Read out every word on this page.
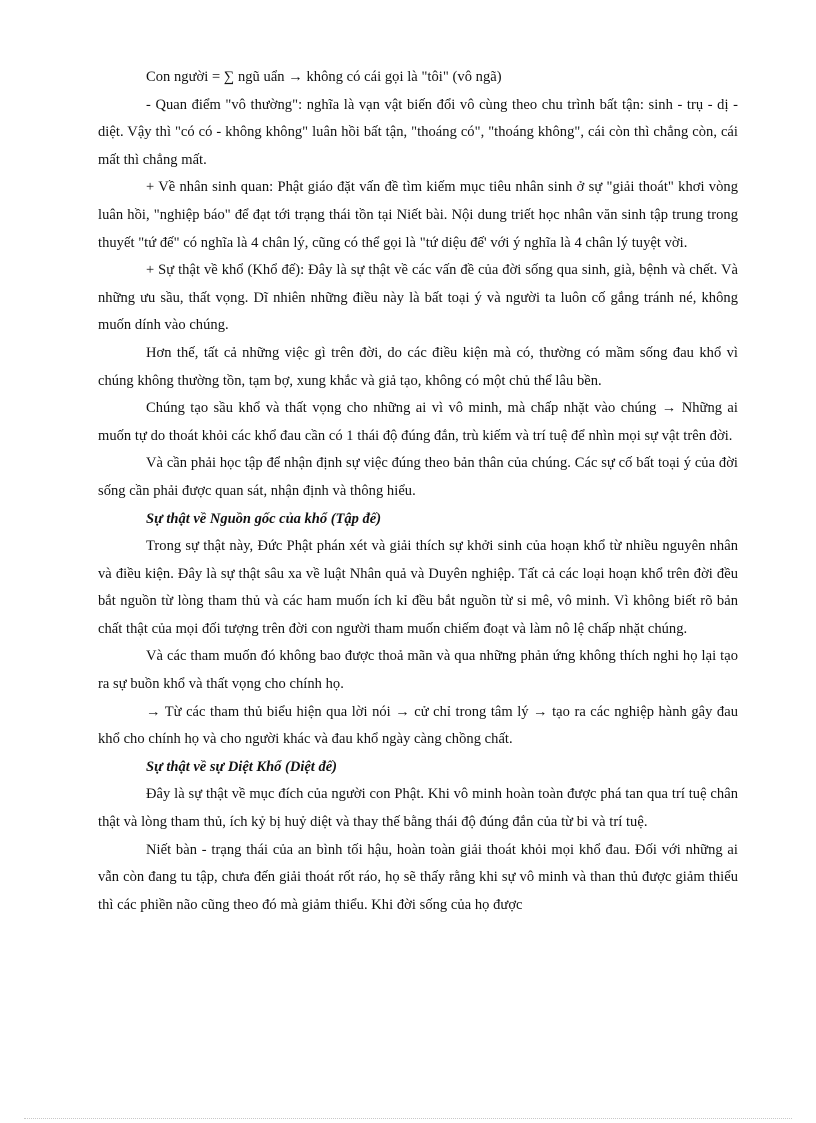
Con người = ∑ ngũ uẩn → không có cái gọi là "tôi" (vô ngã)

- Quan điểm "vô thường": nghĩa là vạn vật biến đổi vô cùng theo chu trình bất tận: sinh - trụ - dị - diệt. Vậy thì "có có - không không" luân hồi bất tận, "thoáng có", "thoáng không", cái còn thì chẳng còn, cái mất thì chẳng mất.

+ Về nhân sinh quan: Phật giáo đặt vấn đề tìm kiếm mục tiêu nhân sinh ở sự "giải thoát" khơi vòng luân hồi, "nghiệp báo" để đạt tới trạng thái tồn tại Niết bài. Nội dung triết học nhân văn sinh tập trung trong thuyết "tứ đế" có nghĩa là 4 chân lý, cũng có thể gọi là "tứ diệu đế' với ý nghĩa là 4 chân lý tuyệt vời.

+ Sự thật về khổ (Khổ đế): Đây là sự thật về các vấn đề của đời sống qua sinh, già, bệnh và chết. Và những ưu sầu, thất vọng. Dĩ nhiên những điều này là bất toại ý và người ta luôn cố gắng tránh né, không muốn dính vào chúng.

Hơn thế, tất cả những việc gì trên đời, do các điều kiện mà có, thường có mầm sống đau khổ vì chúng không thường tồn, tạm bợ, xung khắc và giả tạo, không có một chủ thể lâu bền.

Chúng tạo sầu khổ và thất vọng cho những ai vì vô minh, mà chấp nhặt vào chúng → Những ai muốn tự do thoát khỏi các khổ đau cần có 1 thái độ đúng đắn, trù kiếm và trí tuệ để nhìn mọi sự vật trên đời.

Và cần phải học tập để nhận định sự việc đúng theo bản thân của chúng. Các sự cố bất toại ý của đời sống cần phải được quan sát, nhận định và thông hiểu.

Sự thật về Nguồn gốc của khổ (Tập đế)

Trong sự thật này, Đức Phật phán xét và giải thích sự khởi sinh của hoạn khổ từ nhiều nguyên nhân và điều kiện. Đây là sự thật sâu xa về luật Nhân quả và Duyên nghiệp. Tất cả các loại hoạn khổ trên đời đều bắt nguồn từ lòng tham thủ và các ham muốn ích kỉ đều bắt nguồn từ si mê, vô minh. Vì không biết rõ bản chất thật của mọi đối tượng trên đời con người tham muốn chiếm đoạt và làm nô lệ chấp nhặt chúng.

Và các tham muốn đó không bao được thoả mãn và qua những phản ứng không thích nghi họ lại tạo ra sự buồn khổ và thất vọng cho chính họ.

→ Từ các tham thủ biểu hiện qua lời nói → cử chỉ trong tâm lý → tạo ra các nghiệp hành gây đau khổ cho chính họ và cho người khác và đau khổ ngày càng chồng chất.

Sự thật về sự Diệt Khổ (Diệt đế)

Đây là sự thật về mục đích của người con Phật. Khi vô minh hoàn toàn được phá tan qua trí tuệ chân thật và lòng tham thủ, ích kỷ bị huỷ diệt và thay thế bằng thái độ đúng đắn của từ bi và trí tuệ.

Niết bàn - trạng thái của an bình tối hậu, hoàn toàn giải thoát khỏi mọi khổ đau. Đối với những ai vẫn còn đang tu tập, chưa đến giải thoát rốt ráo, họ sẽ thấy rằng khi sự vô minh và than thủ được giảm thiểu thì các phiền não cũng theo đó mà giảm thiểu. Khi đời sống của họ được
